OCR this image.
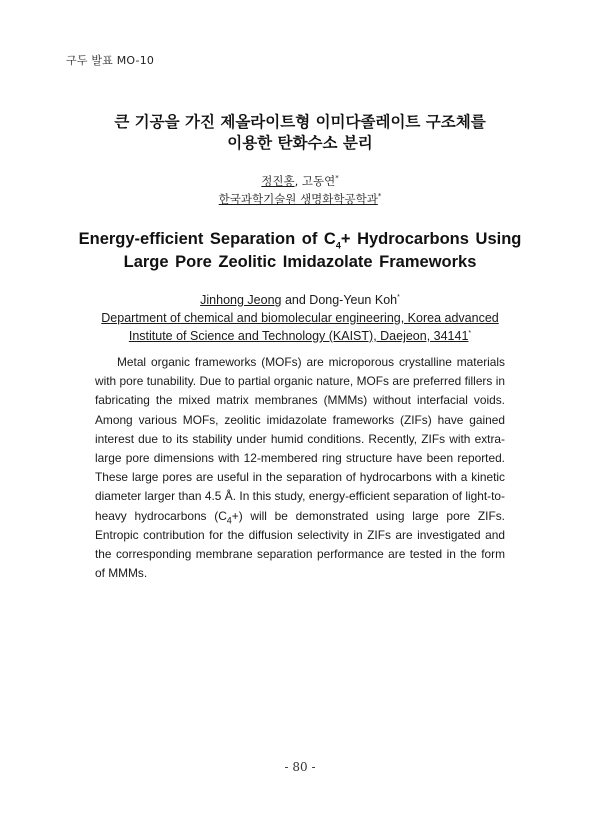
구두 발표 MO-10
큰 기공을 가진 제올라이트형 이미다졸레이트 구조체를
이용한 탄화수소 분리
정진홍, 고동연*
한국과학기술원 생명화학공학과*
Energy-efficient Separation of $C_4+$ Hydrocarbons Using
Large Pore Zeolitic Imidazolate Frameworks
Jinhong Jeong and Dong-Yeun Koh*
Department of chemical and biomolecular engineering, Korea advanced
Institute of Science and Technology (KAIST), Daejeon, 34141*

Metal organic frameworks (MOFs) are microporous crystalline materials with pore tunability. Due to partial organic nature, MOFs are preferred fillers in fabricating the mixed matrix membranes (MMMs) without interfacial voids. Among various MOFs, zeolitic imidazolate frameworks (ZIFs) have gained interest due to its stability under humid conditions. Recently, ZIFs with extra-large pore dimensions with 12-membered ring structure have been reported. These large pores are useful in the separation of hydrocarbons with a kinetic diameter larger than 4.5 Å. In this study, energy-efficient separation of light-to-heavy hydrocarbons $(C_4+)$ will be demonstrated using large pore ZIFs. Entropic contribution for the diffusion selectivity in ZIFs are investigated and the corresponding membrane separation performance are tested in the form of MMMs.

- 80 -
